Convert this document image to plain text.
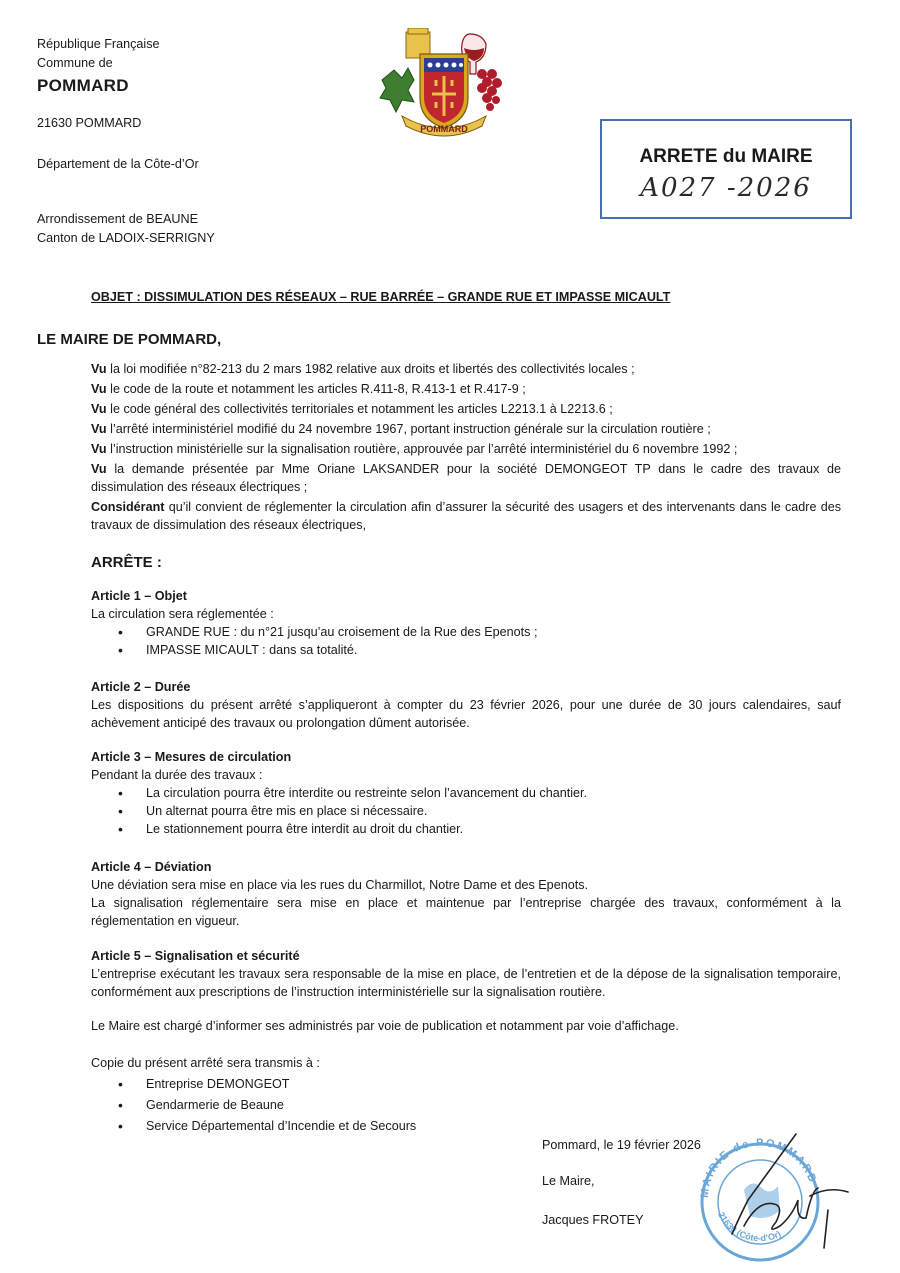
République Française
Commune de
POMMARD
21630 POMMARD
Département de la Côte-d’Or
Arrondissement de BEAUNE
Canton de LADOIX-SERRIGNY
POMMARD
ARRETE du MAIRE
A027 -2026
OBJET : DISSIMULATION DES RÉSEAUX – RUE BARRÉE – GRANDE RUE ET IMPASSE MICAULT
LE MAIRE DE POMMARD,

Vu la loi modifiée n°82-213 du 2 mars 1982 relative aux droits et libertés des collectivités locales ;

Vu le code de la route et notamment les articles R.411-8, R.413-1 et R.417-9 ;

Vu le code général des collectivités territoriales et notamment les articles L2213.1 à L2213.6 ;

Vu l’arrêté interministériel modifié du 24 novembre 1967, portant instruction générale sur la circulation routière ;

Vu l’instruction ministérielle sur la signalisation routière, approuvée par l’arrêté interministériel du 6 novembre 1992 ;

Vu la demande présentée par Mme Oriane LAKSANDER pour la société DEMONGEOT TP dans le cadre des travaux de dissimulation des réseaux électriques ;

Considérant qu’il convient de réglementer la circulation afin d’assurer la sécurité des usagers et des intervenants dans le cadre des travaux de dissimulation des réseaux électriques,

ARRÊTE :
Article 1 – Objet
La circulation sera réglementée :
• GRANDE RUE : du n°21 jusqu’au croisement de la Rue des Epenots ;
• IMPASSE MICAULT : dans sa totalité.
Article 2 – Durée
Les dispositions du présent arrêté s’appliqueront à compter du 23 février 2026, pour une durée de 30 jours calendaires, sauf achèvement anticipé des travaux ou prolongation dûment autorisée.
Article 3 – Mesures de circulation
Pendant la durée des travaux :
• La circulation pourra être interdite ou restreinte selon l’avancement du chantier.
• Un alternat pourra être mis en place si nécessaire.
• Le stationnement pourra être interdit au droit du chantier.
Article 4 – Déviation
Une déviation sera mise en place via les rues du Charmillot, Notre Dame et des Epenots.
La signalisation réglementaire sera mise en place et maintenue par l’entreprise chargée des travaux, conformément à la réglementation en vigueur.
Article 5 – Signalisation et sécurité
L’entreprise exécutant les travaux sera responsable de la mise en place, de l’entretien et de la dépose de la signalisation temporaire, conformément aux prescriptions de l’instruction interministérielle sur la signalisation routière.
Le Maire est chargé d’informer ses administrés par voie de publication et notamment par voie d’affichage.
Copie du présent arrêté sera transmis à :
• Entreprise DEMONGEOT
• Gendarmerie de Beaune
• Service Départemental d’Incendie et de Secours
Pommard, le 19 février 2026
Le Maire,
Jacques FROTEY
MAIRIE de POMMARD
21630 (Côte-d’Or)
